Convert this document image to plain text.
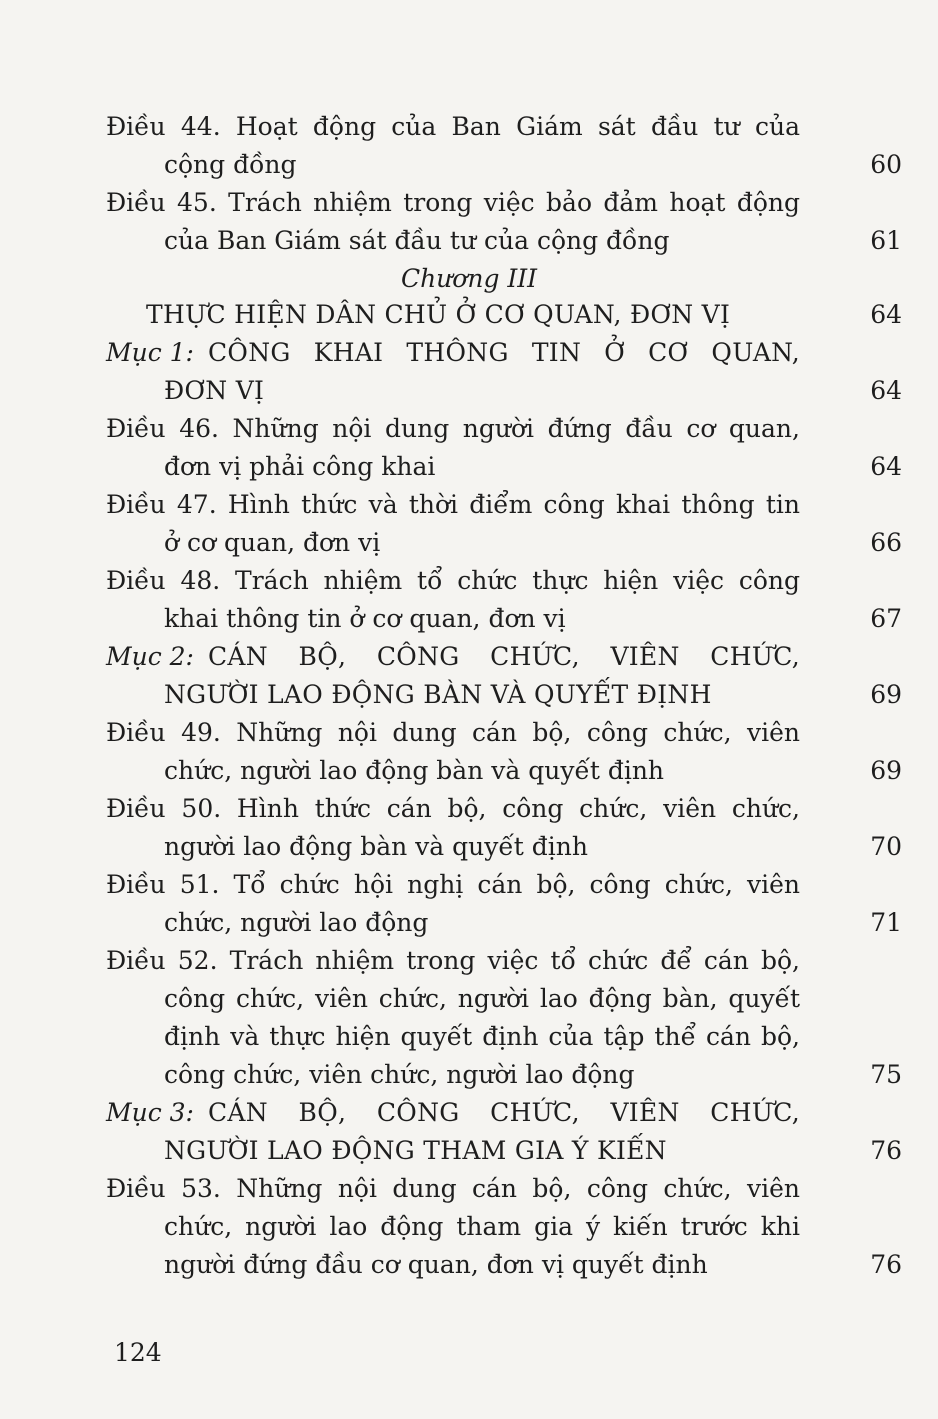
Điều 44. Hoạt động của Ban Giám sát đầu tư của
cộng đồng	60
Điều 45. Trách nhiệm trong việc bảo đảm hoạt động
của Ban Giám sát đầu tư của cộng đồng	61
Chương III
THỰC HIỆN DÂN CHỦ Ở CƠ QUAN, ĐƠN VỊ	64
Mục 1: CÔNG KHAI THÔNG TIN Ở CƠ QUAN,
ĐƠN VỊ	64
Điều 46. Những nội dung người đứng đầu cơ quan,
đơn vị phải công khai	64
Điều 47. Hình thức và thời điểm công khai thông tin
ở cơ quan, đơn vị	66
Điều 48. Trách nhiệm tổ chức thực hiện việc công
khai thông tin ở cơ quan, đơn vị	67
Mục 2: CÁN BỘ, CÔNG CHỨC, VIÊN CHỨC,
NGƯỜI LAO ĐỘNG BÀN VÀ QUYẾT ĐỊNH	69
Điều 49. Những nội dung cán bộ, công chức, viên
chức, người lao động bàn và quyết định	69
Điều 50. Hình thức cán bộ, công chức, viên chức,
người lao động bàn và quyết định	70
Điều 51. Tổ chức hội nghị cán bộ, công chức, viên
chức, người lao động	71
Điều 52. Trách nhiệm trong việc tổ chức để cán bộ,
công chức, viên chức, người lao động bàn, quyết
định và thực hiện quyết định của tập thể cán bộ,
công chức, viên chức, người lao động	75
Mục 3: CÁN BỘ, CÔNG CHỨC, VIÊN CHỨC,
NGƯỜI LAO ĐỘNG THAM GIA Ý KIẾN	76
Điều 53. Những nội dung cán bộ, công chức, viên
chức, người lao động tham gia ý kiến trước khi
người đứng đầu cơ quan, đơn vị quyết định	76
124
